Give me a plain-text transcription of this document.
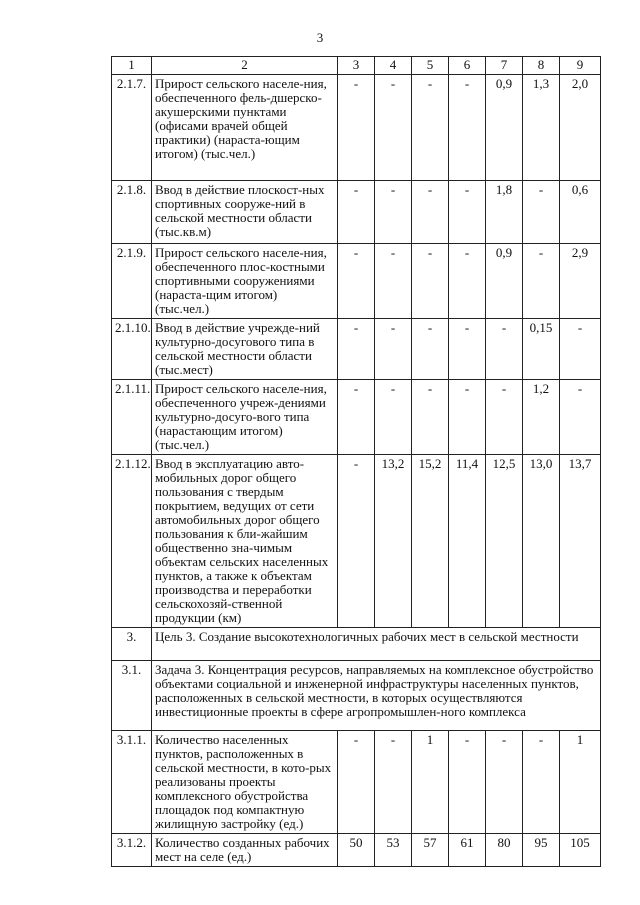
3
1	2	3	4	5	6	7	8	9
2.1.7.	Прирост сельского населе-ния, обеспеченного фель-дшерско-акушерскими пунктами (офисами врачей общей практики) (нараста-ющим итогом) (тыс.чел.)	-	-	-	-	0,9	1,3	2,0
2.1.8.	Ввод в действие плоскост-ных спортивных сооруже-ний в сельской местности области (тыс.кв.м)	-	-	-	-	1,8	-	0,6
2.1.9.	Прирост сельского населе-ния, обеспеченного плос-костными спортивными сооружениями (нараста-щим итогом) (тыс.чел.)	-	-	-	-	0,9	-	2,9
2.1.10.	Ввод в действие учрежде-ний культурно-досугового типа в сельской местности области (тыс.мест)	-	-	-	-	-	0,15	-
2.1.11.	Прирост сельского населе-ния, обеспеченного учреж-дениями культурно-досуго-вого типа (нарастающим итогом) (тыс.чел.)	-	-	-	-	-	1,2	-
2.1.12.	Ввод в эксплуатацию авто-мобильных дорог общего пользования с твердым покрытием, ведущих от сети автомобильных дорог общего пользования к бли-жайшим общественно зна-чимым объектам сельских населенных пунктов, а также к объектам производства и переработки сельскохозяй-ственной продукции (км)	-	13,2	15,2	11,4	12,5	13,0	13,7
3.	Цель 3. Создание высокотехнологичных рабочих мест в сельской местности							
3.1.	Задача 3. Концентрация ресурсов, направляемых на комплексное обустройство объектами социальной и инженерной инфраструктуры населенных пунктов, расположенных в сельской местности, в которых осуществляются инвестиционные проекты в сфере агропромышлен-ного комплекса							
3.1.1.	Количество населенных пунктов, расположенных в сельской местности, в кото-рых реализованы проекты комплексного обустройства площадок под компактную жилищную застройку (ед.)	-	-	1	-	-	-	1
3.1.2.	Количество созданных рабочих мест на селе (ед.)	50	53	57	61	80	95	105
